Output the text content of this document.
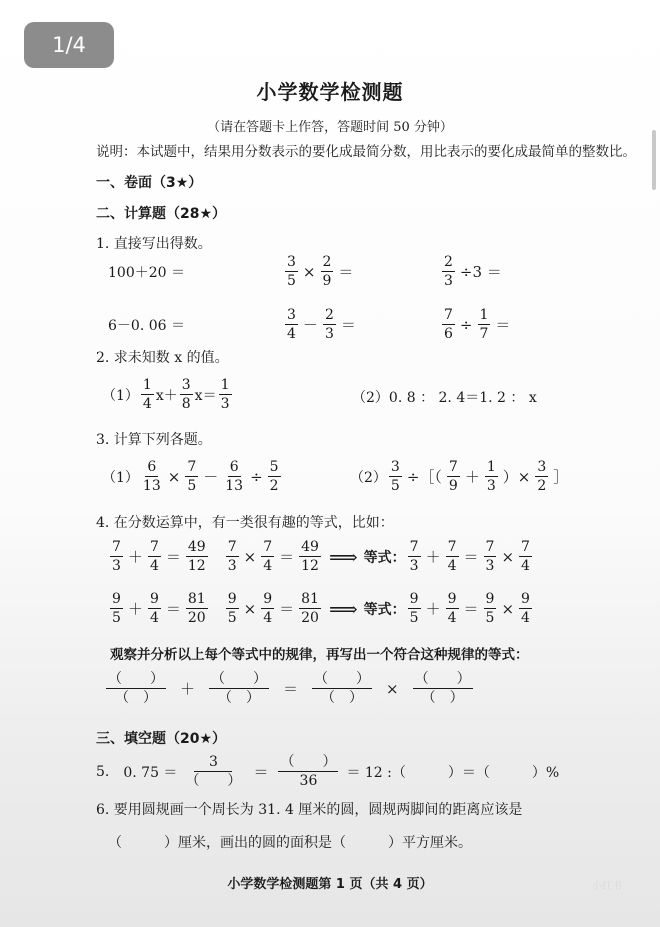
1/4
小学数学检测题
（请在答题卡上作答，答题时间 50 分钟）
说明：本试题中，结果用分数表示的要化成最简分数，用比表示的要化成最简单的整数比。
一、卷面（3★）
二、计算题（28★）
1. 直接写出得数。
100＋20 ＝	$\frac{3}{5} \times \frac{2}{9}$ ＝	$\frac{2}{3} \div 3$ ＝
6－0. 06 ＝	$\frac{3}{4} - \frac{2}{3}$ ＝	$\frac{7}{6} \div \frac{1}{7}$ ＝
2. 求未知数 x 的值。
$(1) \frac{1}{4} x+ \frac{3}{8} x= \frac{1}{3}$	（2）0. 8 ： 2. 4＝1. 2 ： x
3. 计算下列各题。
$(1) \frac{6}{13} \times \frac{7}{5} - \frac{6}{13} \div \frac{5}{2}$	$(2) \frac{3}{5}$ ÷［（ $\frac{7}{9} + \frac{1}{3}$ ）× $\frac{3}{2}$ ］
4. 在分数运算中，有一类很有趣的等式，比如：
$\frac{7}{3} + \frac{7}{4} = \frac{49}{12} \frac{7}{3} \times \frac{7}{4} = \frac{49}{12}$ ⟹ 等式： $\frac{7}{3} + \frac{7}{4} = \frac{7}{3} \times \frac{7}{4}$
$\frac{9}{5} + \frac{9}{4} = \frac{81}{20} \frac{9}{5} \times \frac{9}{4} = \frac{81}{20}$ ⟹ 等式： $\frac{9}{5} + \frac{9}{4} = \frac{9}{5} \times \frac{9}{4}$
观察并分析以上每个等式中的规律，再写出一个符合这种规律的等式：
$\frac{( )}{( )} + \frac{( )}{( )} = \frac{( )}{( )} \times \frac{( )}{( )}$
三、填空题（20★）
5. 0. $75 = \frac{3}{( )} = \frac{( )}{36} = 12$ :（　　　）＝（　　　）%
6. 要用圆规画一个周长为 31. 4 厘米的圆，圆规两脚间的距离应该是
（　　　）厘米，画出的圆的面积是（　　　）平方厘米。
小学数学检测题第 1 页（共 4 页）	小红书
